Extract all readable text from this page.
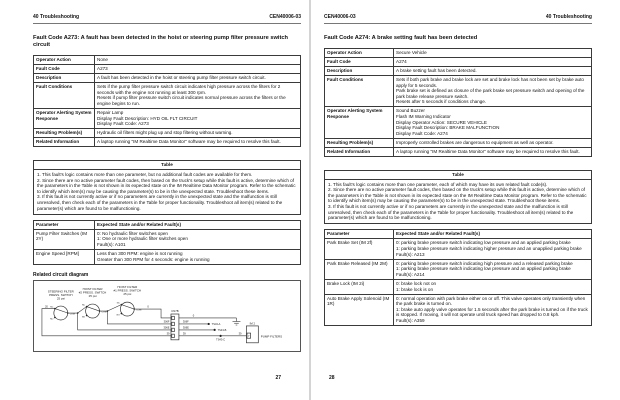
40 Troubleshooting	CEN40006-03
Fault Code A273: A fault has been detected in the hoist or steering pump filter pressure switch circuit
Operator Action	None

Fault Code	A273

Description	A fault has been detected in the hoist or steering pump filter pressure switch circuit.

Fault Conditions	Sets if the pump filter pressure switch circuit indicates high pressure across the filters for 2 seconds with the engine not running at least 300 rpm.
Resets if pump filter pressure switch circuit indicates normal pressure across the filters or the engine begins to run.

Operator Alerting System Response	Repair Lamp
Display Fault Description: HYD OIL FLT CIRCUIT
Display Fault Code: A273

Resulting Problem(s)	Hydraulic oil filters might plug up and stop filtering without warning.

Related Information	A laptop running "IM Realtime Data Monitor" software may be required to resolve this fault.
Table
1. This fault's logic contains more than one parameter, but no additional fault codes are available for them.
2. Since there are no active parameter fault codes, then based on the truck's setup while this fault is active, determine which of the parameters in the Table is not shown in its expected state on the IM Realtime Data Monitor program. Refer to the schematic to identify which item(s) may be causing the parameter(s) to be in the unexpected state. Troubleshoot these items.
3. If this fault is not currently active or if no parameters are currently in the unexpected state and the malfunction is still unresolved, then check each of the parameters in the Table for proper functionality. Troubleshoot all item(s) related to the parameter(s) which are found to be malfunctioning.
Parameter	Expected State and/or Related Fault(s)
Pump Filter Switches (IM 2Y)	0: No hydraulic filter switches open
1: One or more hydraulic filter switches open
Fault(s): A101

Engine Speed [RPM]	Less than 300 RPM: engine is not running
Greater than 300 RPM for 4 seconds: engine is running
Related circuit diagram
STEERING FILTER
PRESS. SWITCH
25 psi
NC
NO
COM
HOIST FILTER
#2 PRESS. SWITCH
25 psi
NC
NO
COM
HOIST FILTER
#1 PRESS. SWITCH
25 psi
NC
NO
COM
20	0
306F
306E
39
CN7B
0
306F
TS43-A
306E
TS43-B
39
TS43-C
39
IM 2
Y	PUMP FILTERS
27
CEN40006-03	40 Troubleshooting
Fault Code A274: A brake setting fault has been detected
Operator Action	Secure Vehicle

Fault Code	A274

Description	A brake setting fault has been detected.

Fault Conditions	Sets if both park brake and brake lock are set and brake lock has not been set by brake auto apply for 5 seconds.
Park brake set is defined as closure of the park brake set pressure switch and opening of the park brake release pressure switch.
Resets after 5 seconds if conditions change.

Operator Alerting System Response	Sound Buzzer
Flash IM Warning Indicator
Display Operator Action: SECURE VEHICLE
Display Fault Description: BRAKE MALFUNCTION
Display Fault Code: A274

Resulting Problem(s)	Improperly controlled brakes are dangerous to equipment as well as operator.

Related Information	A laptop running "IM Realtime Data Monitor" software may be required to resolve this fault.
Table
1. This fault's logic contains more than one parameter, each of which may have its own related fault code(s).
2. Since there are no active parameter fault codes, then based on the truck's setup while this fault is active, determine which of the parameters in the Table is not shown in its expected state on the IM Realtime Data Monitor program. Refer to the schematic to identify which item(s) may be causing the parameter(s) to be in the unexpected state. Troubleshoot these items.
3. If this fault is not currently active or if no parameters are currently in the unexpected state and the malfunction is still unresolved, then check each of the parameters in the Table for proper functionality. Troubleshoot all item(s) related to the parameter(s) which are found to be malfunctioning.
Parameter	Expected State and/or Related Fault(s)
Park Brake Set (IM 2f)	0: parking brake pressure switch indicating low pressure and an applied parking brake
1: parking brake pressure switch indicating higher pressure and an unapplied parking brake
Fault(s): A213

Park Brake Released (IM 2M)	0: parking brake pressure switch indicating high pressure and a released parking brake
1: parking brake pressure switch indicating low pressure and an applied parking brake
Fault(s): A214

Brake Lock (IM 2i)	0: brake lock not on
1: brake lock is on

Auto Brake Apply Solenoid (IM 1R)	0: normal operation with park brake either on or off. This valve operates only transiently when the park brake is turned on.
1: brake auto apply valve operates for 1.5 seconds after the park brake is turned on if the truck is stopped. If moving, it will not operate until truck speed has dropped to 0.8 kph.
Fault(s): A359
28
